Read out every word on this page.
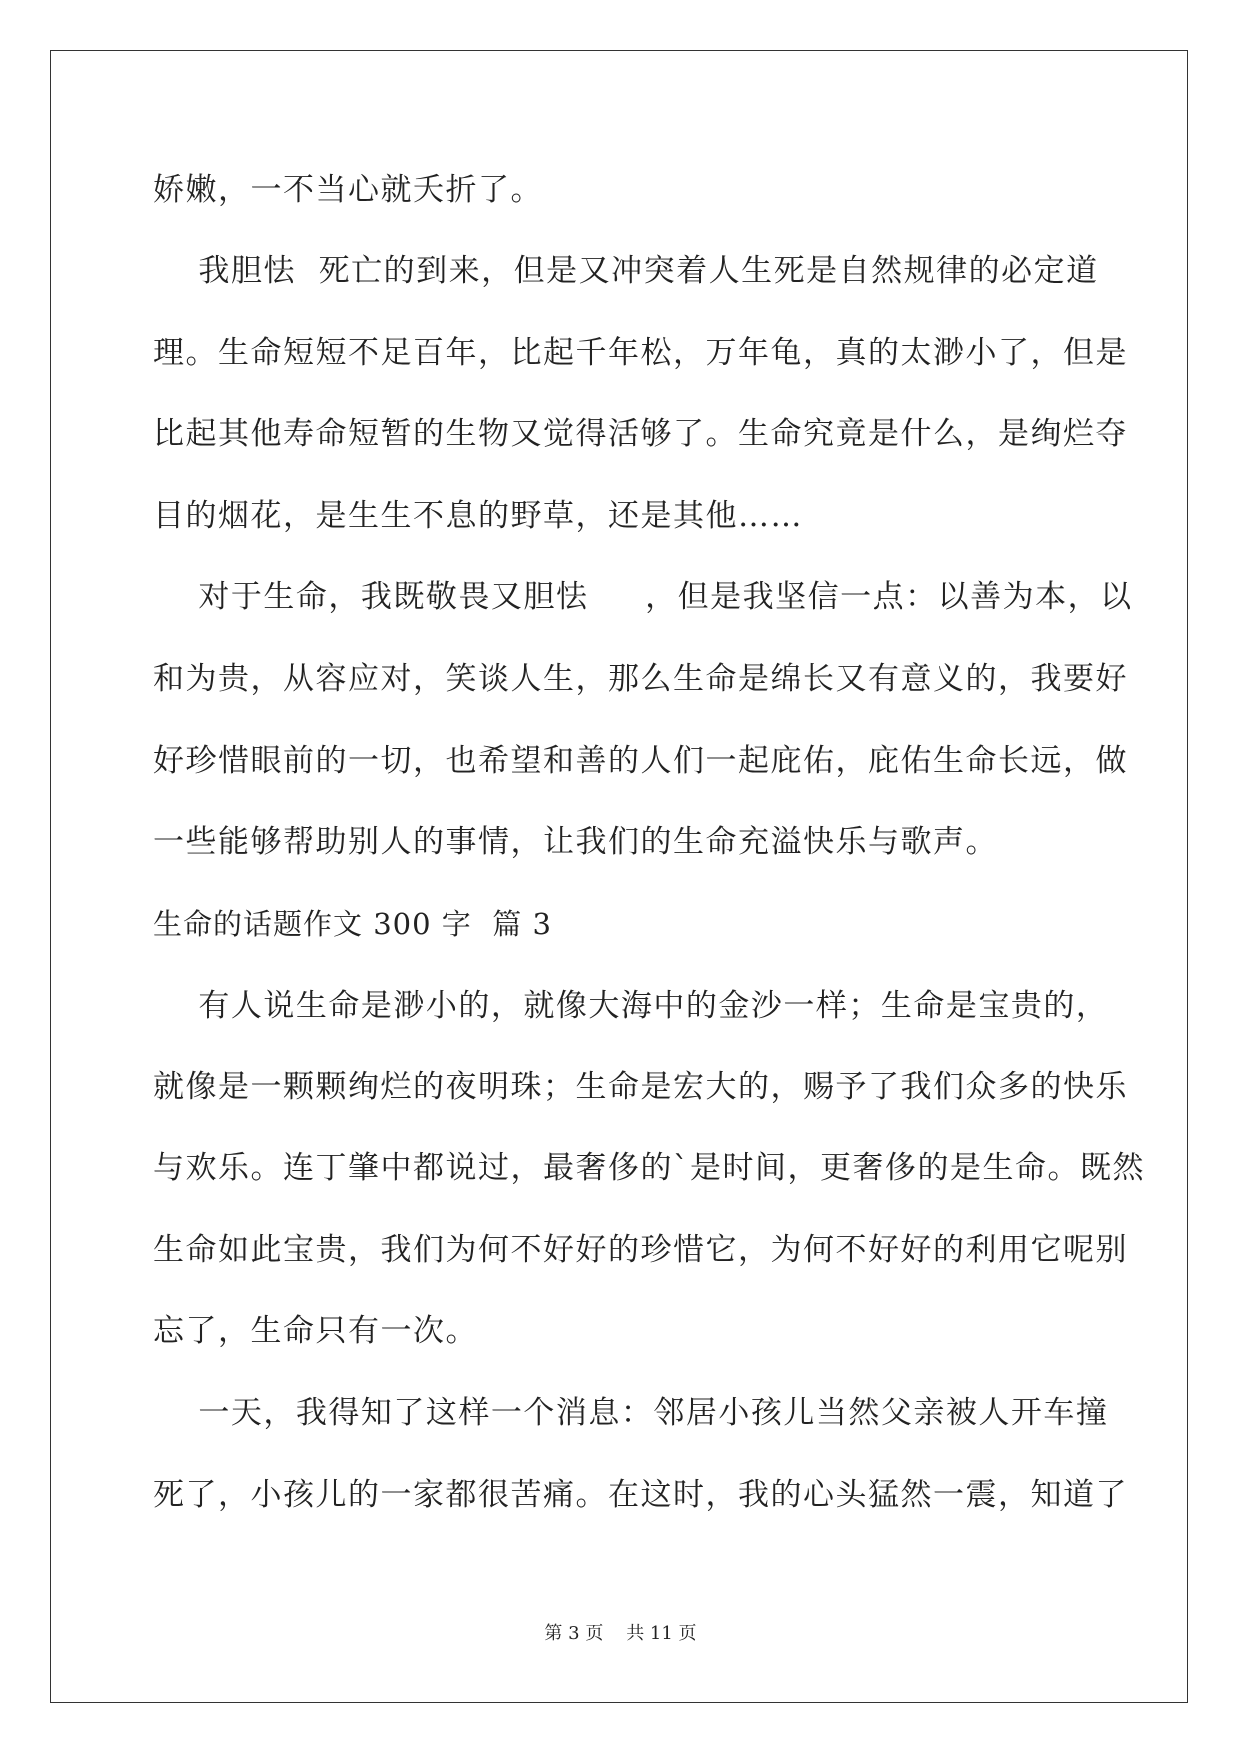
娇嫩，一不当心就夭折了。
我胆怯  死亡的到来，但是又冲突着人生死是自然规律的必定道
理。生命短短不足百年，比起千年松，万年龟，真的太渺小了，但是
比起其他寿命短暂的生物又觉得活够了。生命究竟是什么，是绚烂夺
目的烟花，是生生不息的野草，还是其他……
对于生命，我既敬畏又胆怯     ，但是我坚信一点：以善为本，以
和为贵，从容应对，笑谈人生，那么生命是绵长又有意义的，我要好
好珍惜眼前的一切，也希望和善的人们一起庇佑，庇佑生命长远，做
一些能够帮助别人的事情，让我们的生命充溢快乐与歌声。
生命的话题作文 300 字  篇 3
有人说生命是渺小的，就像大海中的金沙一样；生命是宝贵的，
就像是一颗颗绚烂的夜明珠；生命是宏大的，赐予了我们众多的快乐
与欢乐。连丁肇中都说过，最奢侈的`是时间，更奢侈的是生命。既然
生命如此宝贵，我们为何不好好的珍惜它，为何不好好的利用它呢别
忘了，生命只有一次。
一天，我得知了这样一个消息：邻居小孩儿当然父亲被人开车撞
死了，小孩儿的一家都很苦痛。在这时，我的心头猛然一震，知道了
第 3 页    共 11 页
